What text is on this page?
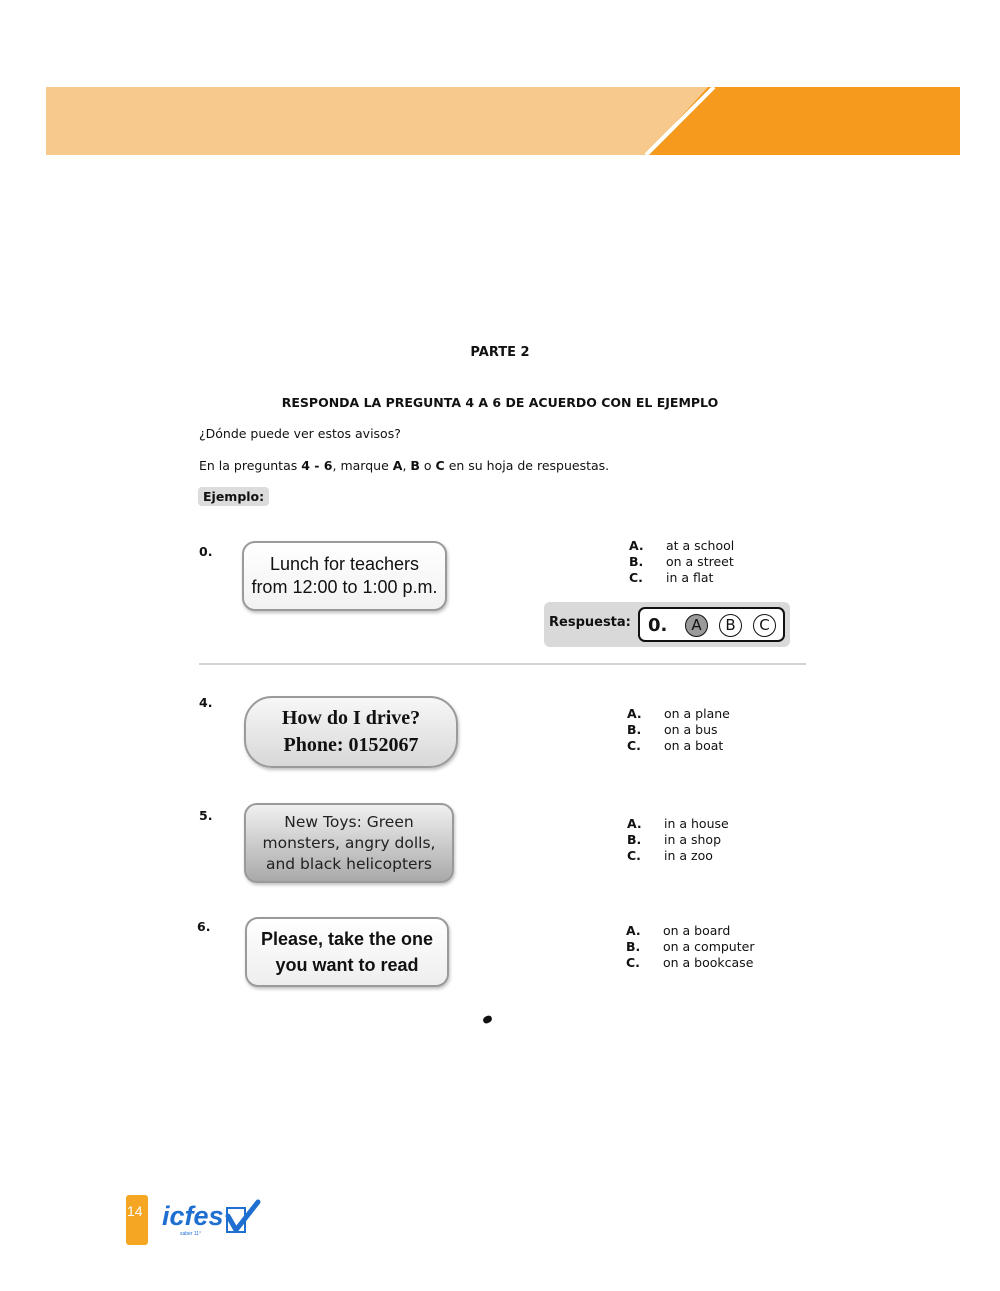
PARTE 2
RESPONDA LA PREGUNTA 4 A 6 DE ACUERDO CON EL EJEMPLO
¿Dónde puede ver estos avisos?
En la preguntas 4 - 6, marque A, B o C en su hoja de respuestas.
Ejemplo:
0.
Lunch for teachers
from 12:00 to 1:00 p.m.
A.	at a school
B.	on a street
C.	in a flat
Respuesta: 0.	A	B	C
4.
How do I drive?
Phone: 0152067
A.	on a plane
B.	on a bus
C.	on a boat
5.	New Toys: Green
monsters, angry dolls,
and black helicopters
A.	in a house
B.	in a shop
C.	in a zoo
6.
Please, take the one
you want to read
A.	on a board
B.	on a computer
C.	on a bookcase
14 icfes
saber 11°
